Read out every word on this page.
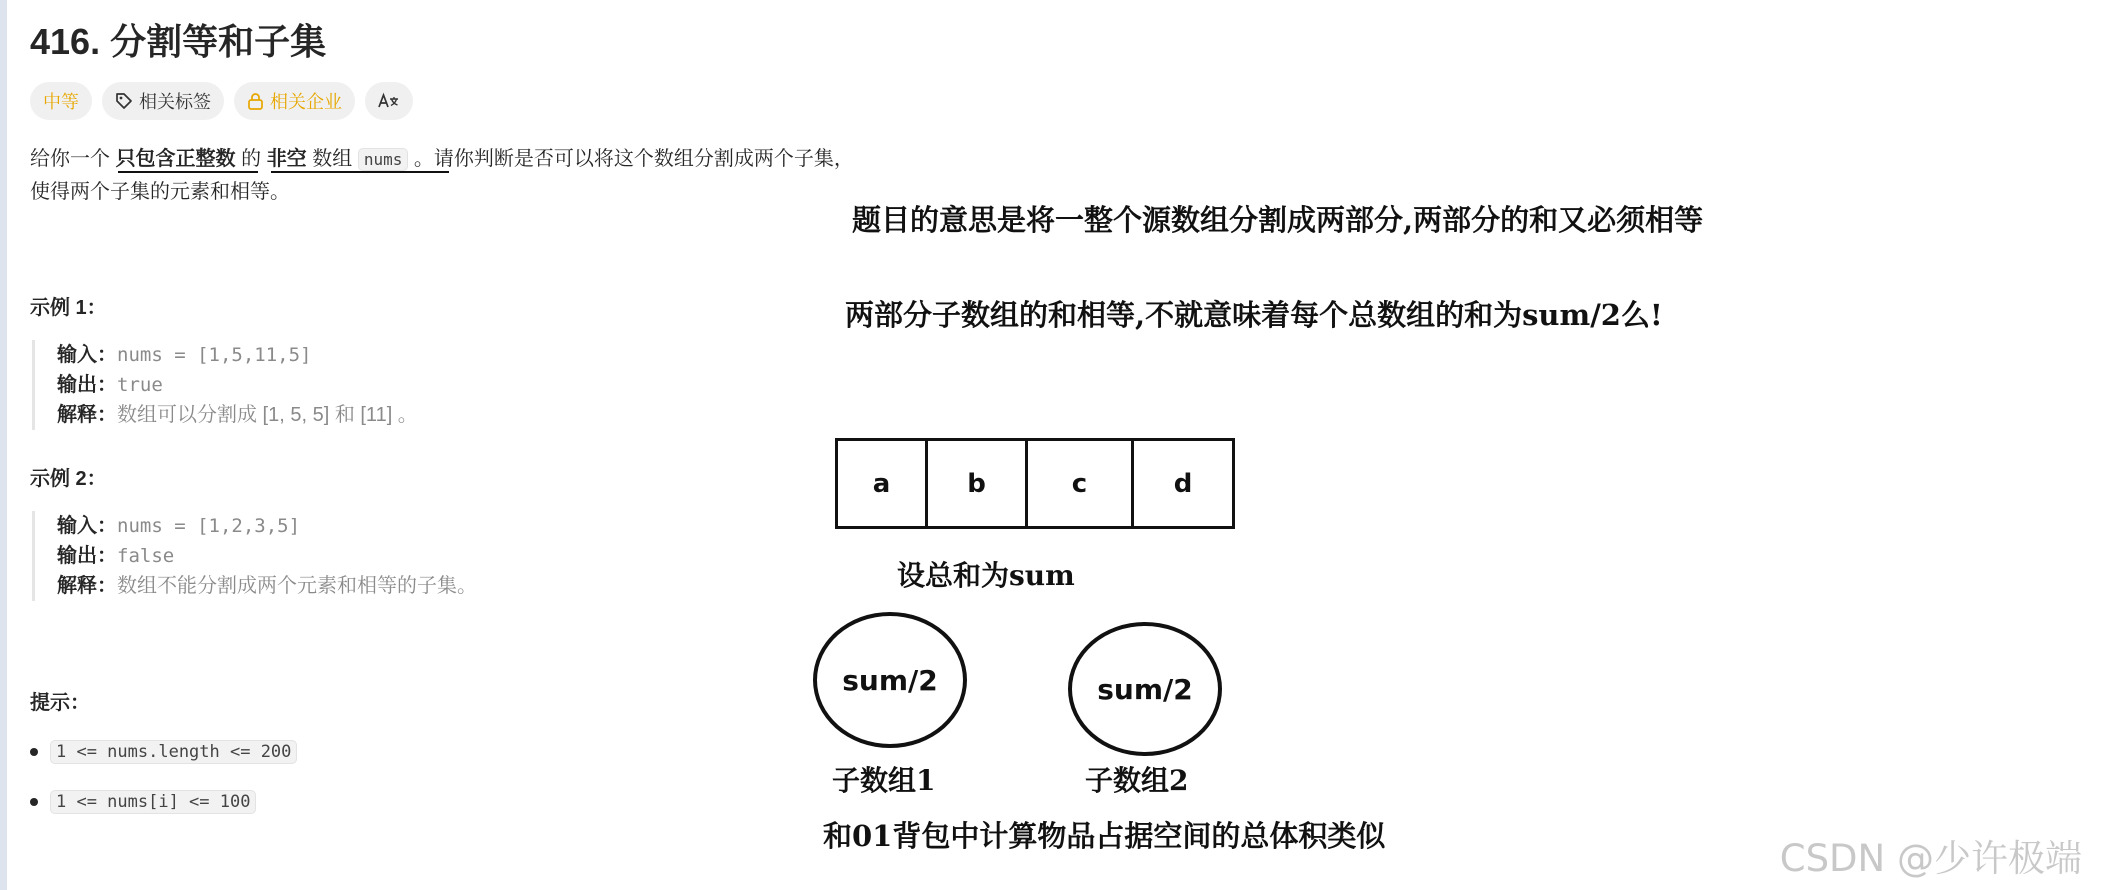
416. 分割等和子集
中等	相关标签	相关企业

给你一个 只包含正整数 的 非空 数组 nums 。请你判断是否可以将这个数组分割成两个子集，使得两个子集的元素和相等。

示例 1：
输入：nums = [1,5,11,5]
输出：true
解释：数组可以分割成 [1, 5, 5] 和 [11] 。
示例 2：
输入：nums = [1,2,3,5]
输出：false
解释：数组不能分割成两个元素和相等的子集。
提示：
1 <= nums.length <= 200
1 <= nums[i] <= 100

题目的意思是将一整个源数组分割成两部分,两部分的和又必须相等

两部分子数组的和相等,不就意味着每个总数组的和为sum/2么!

a	b	c	d

设总和为sum

sum/2	sum/2

子数组1	子数组2

和01背包中计算物品占据空间的总体积类似

CSDN @少许极端
